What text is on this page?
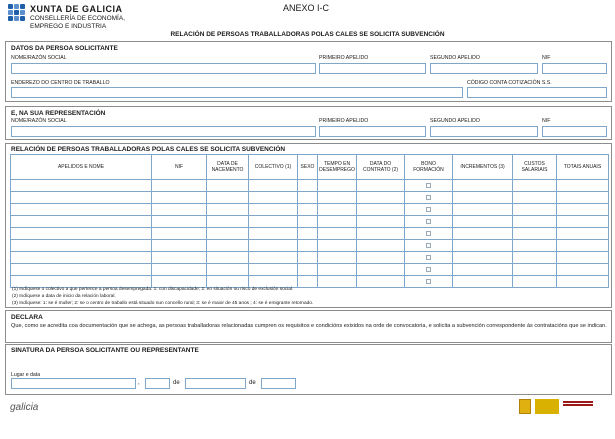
XUNTA DE GALICIA
CONSELLERÍA DE ECONOMÍA,
EMPREGO E INDUSTRIA
ANEXO I-C
RELACIÓN DE PERSOAS TRABALLADORAS POLAS CALES SE SOLICITA SUBVENCIÓN
DATOS DA PERSOA SOLICITANTE
NOME/RAZÓN SOCIAL	PRIMEIRO APELIDO	SEGUNDO APELIDO	NIF
ENDEREZO DO CENTRO DE TRABALLO	CÓDIGO CONTA COTIZACIÓN S.S.
E, NA SUA REPRESENTACIÓN
NOME/RAZÓN SOCIAL	PRIMEIRO APELIDO	SEGUNDO APELIDO	NIF
RELACIÓN DE PERSOAS TRABALLADORAS POLAS CALES SE SOLICITA SUBVENCIÓN
APELIDOS E NOME	NIF	DATA DE NACEMENTO	COLECTIVO (1)	SEXO	TEMPO EN DESEMPREGO	DATA DO CONTRATO (2)	BONO FORMACIÓN	INCREMENTOS (3)	CUSTOS SALARIAIS	TOTAIS ANUAIS

(1) Indíquese o colectivo a que pertence a persoa desempregada: 1: con discapacidade; 2: en situación ou risco de exclusión social.
(2) Indíquese a data de inicio da relación laboral.
(3) Indíquese: 1: se é muller; 2: se o centro de traballo está situado nun concello rural; 3: se é maior de 45 anos ; 4: se é emigrante retornado.
DECLARA
Que, como se acredita coa documentación que se achega, as persoas traballadoras relacionadas cumpren os requisitos e condicións exixidos na orde de convocatoria, e solicita a subvención correspondente ás contratacións que se indican.
SINATURA DA PERSOA SOLICITANTE OU REPRESENTANTE
Lugar e data
,	de	de
galicia
